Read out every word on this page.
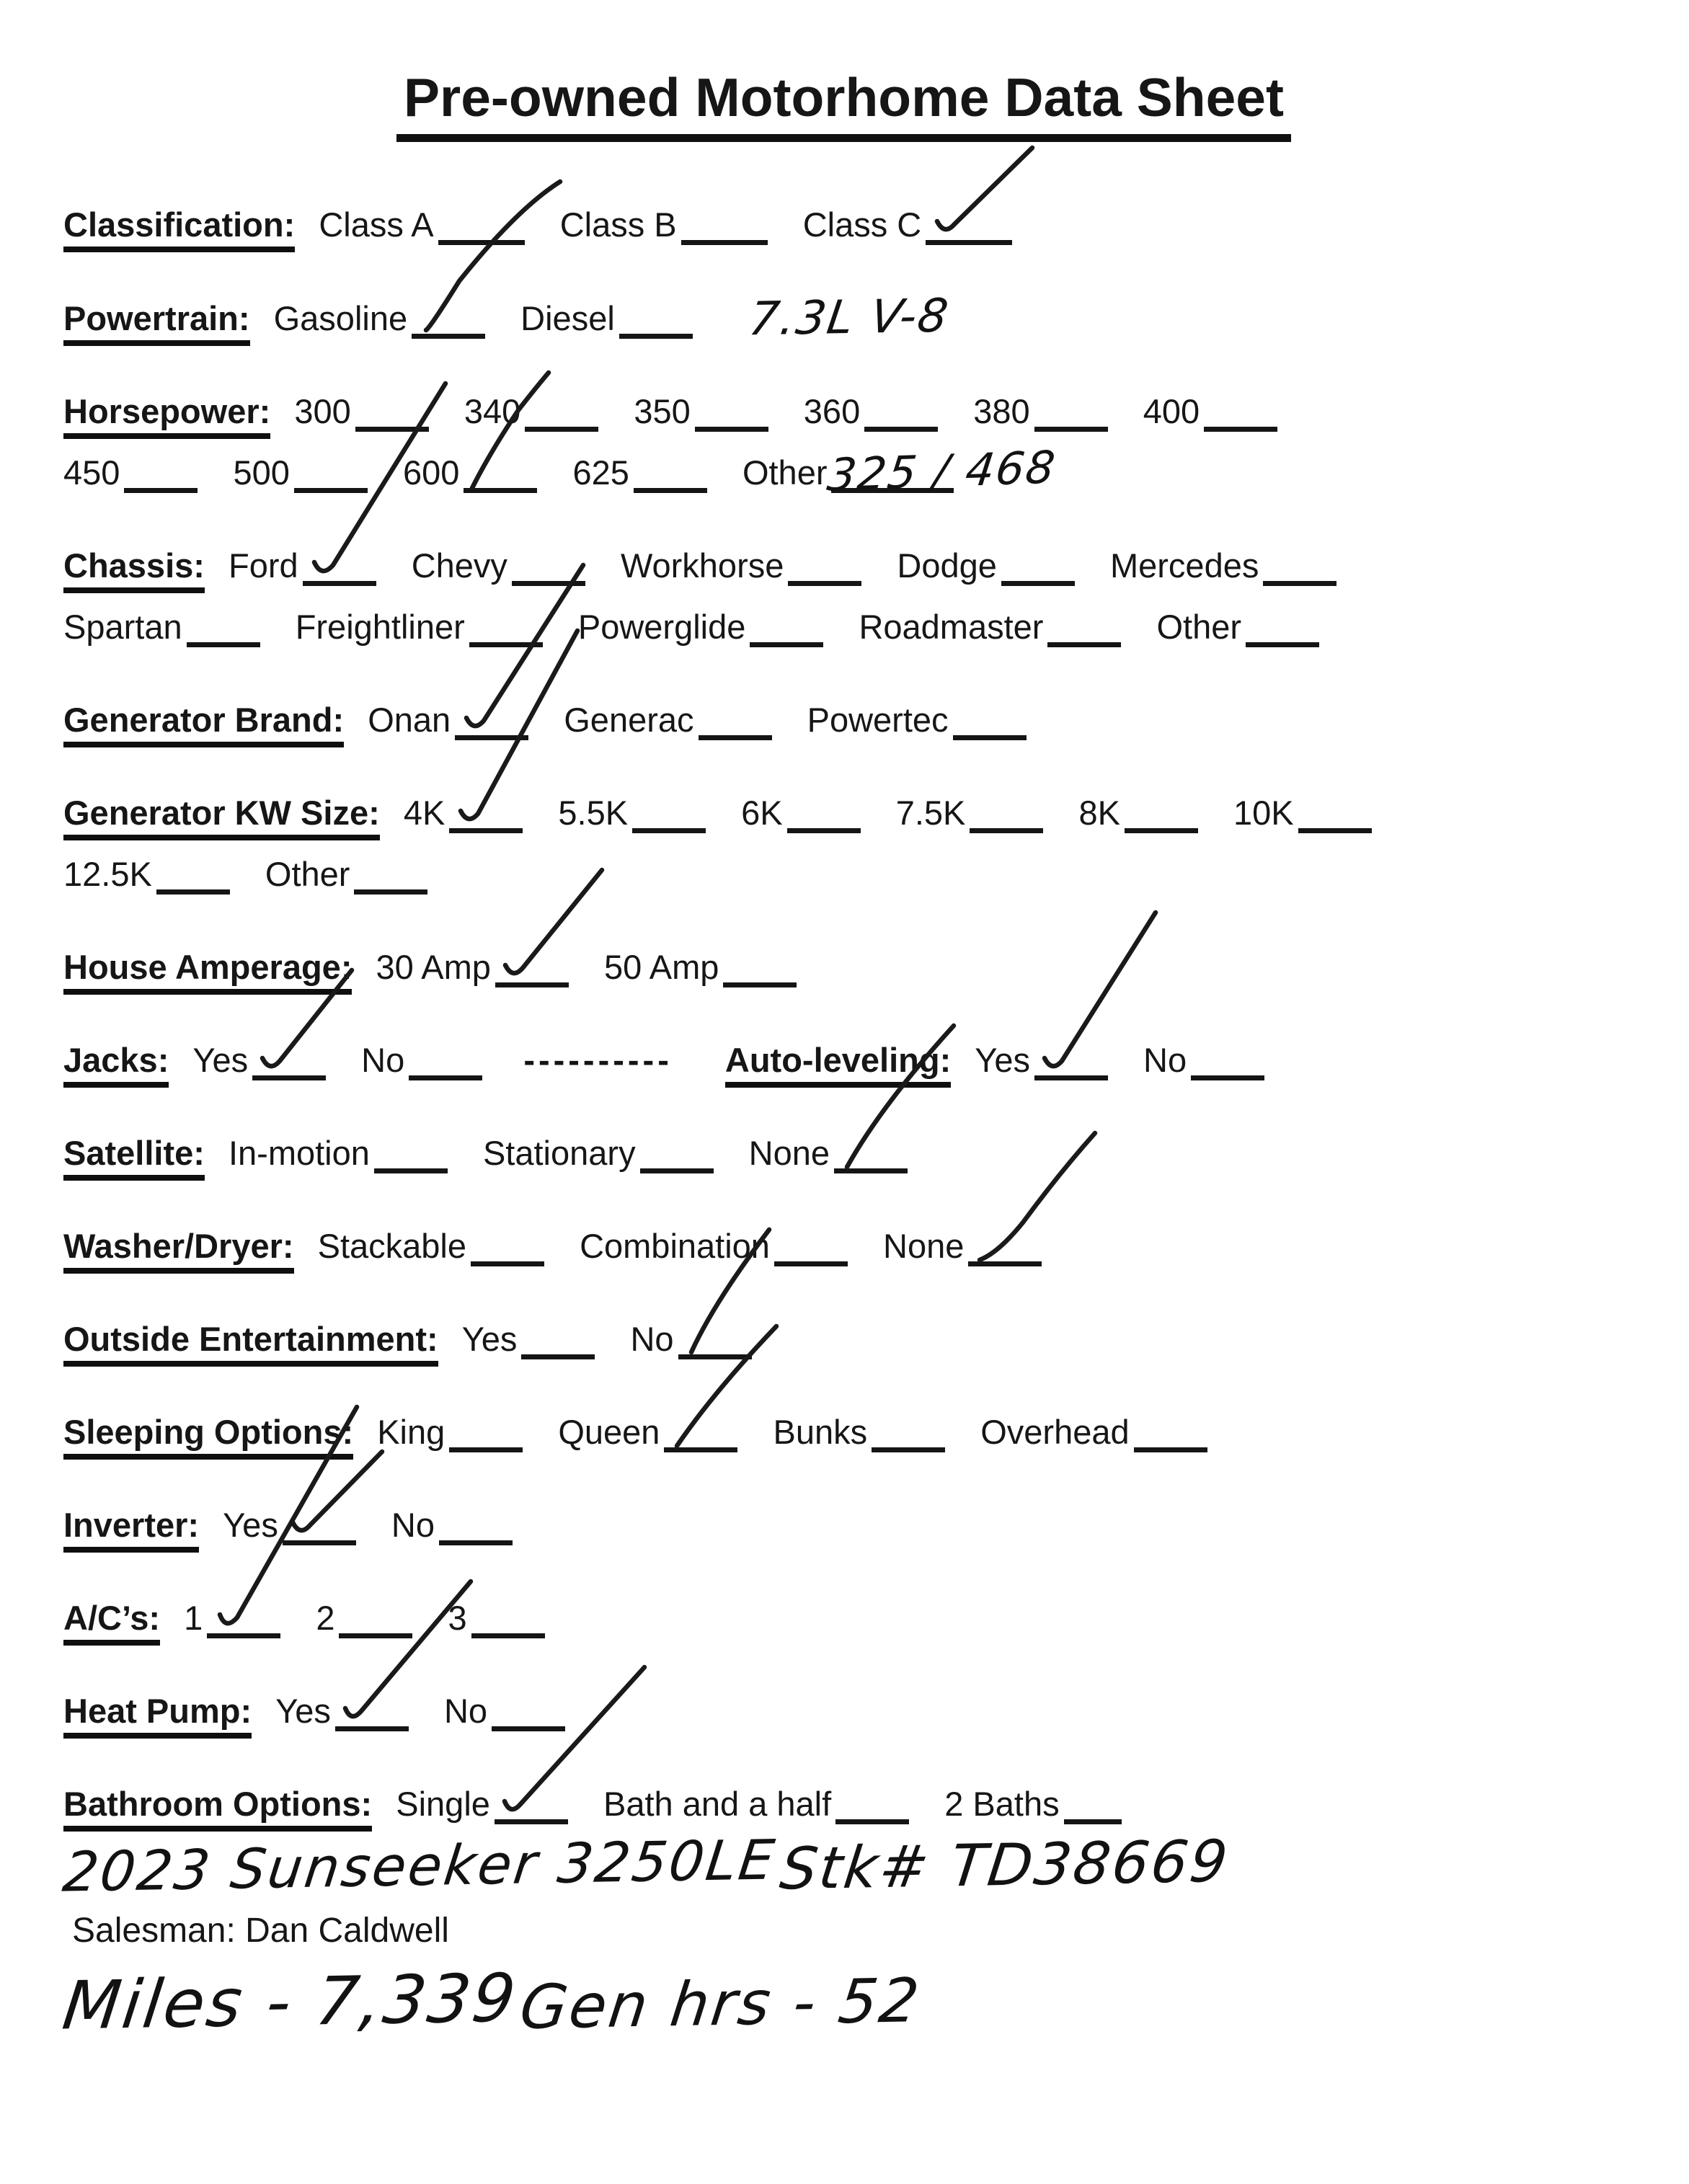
Pre-owned Motorhome Data Sheet
Classification: Class A	Class B	Class C
Powertrain: Gasoline	Diesel	7.3L V-8
Horsepower: 300	340	350	360	380	400
450	500	600	625	Other
325 / 468
Chassis: Ford	Chevy	Workhorse	Dodge	Mercedes
Spartan	Freightliner	Powerglide	Roadmaster	Other
Generator Brand: Onan	Generac	Powertec
Generator KW Size: 4K	5.5K	6K	7.5K	8K	10K
12.5K	Other
House Amperage: 30 Amp	50 Amp
Jacks: Yes	No	---------- Auto-leveling: Yes	No
Satellite: In-motion	Stationary	None
Washer/Dryer: Stackable	Combination	None
Outside Entertainment: Yes	No
Sleeping Options: King	Queen	Bunks	Overhead
Inverter: Yes	No
A/C’s: 1	2	3
Heat Pump: Yes	No
Bathroom Options: Single	Bath and a half	2 Baths
2023 Sunseeker 3250LE Stk# TD38669
Salesman: Dan Caldwell
Miles - 7,339 Gen hrs - 52
